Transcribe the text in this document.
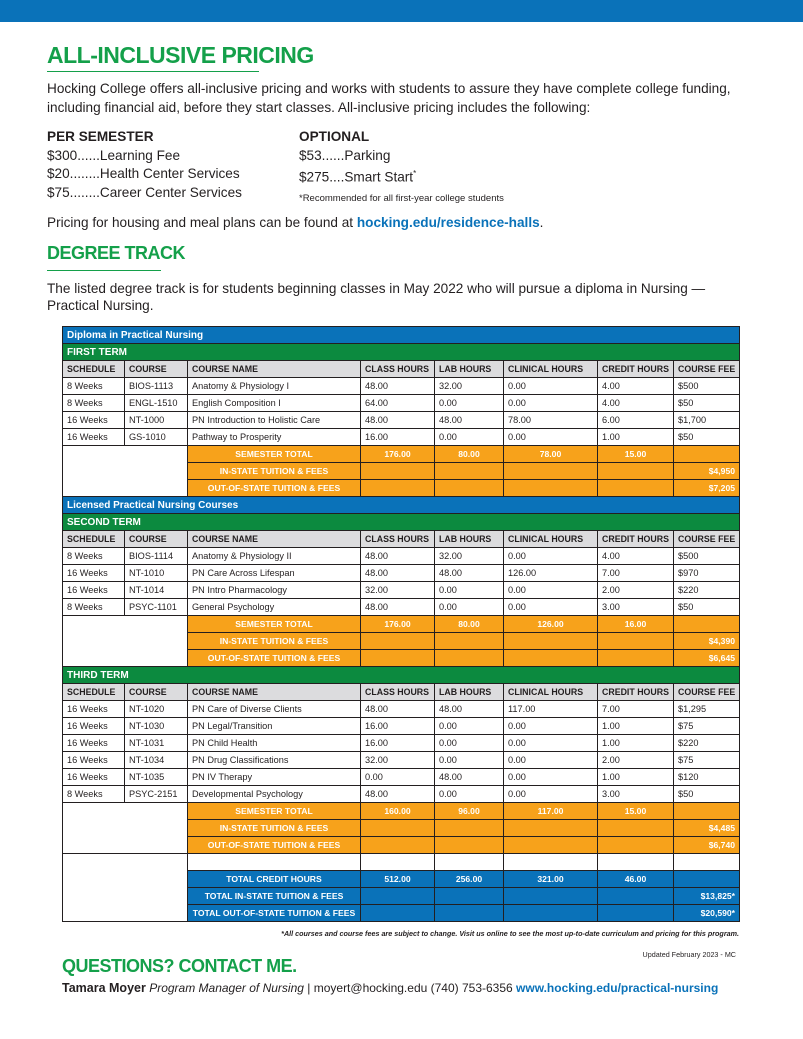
ALL-INCLUSIVE PRICING

Hocking College offers all-inclusive pricing and works with students to assure they have complete college funding, including financial aid, before they start classes. All-inclusive pricing includes the following:

PER SEMESTER
$300......Learning Fee
$20........Health Center Services
$75........Career Center Services
OPTIONAL
$53......Parking
$275....Smart Start*
*Recommended for all first-year college students

Pricing for housing and meal plans can be found at hocking.edu/residence-halls.

DEGREE TRACK

The listed degree track is for students beginning classes in May 2022 who will pursue a diploma in Nursing — Practical Nursing.

Diploma in Practical Nursing							
FIRST TERM							
SCHEDULE	COURSE	COURSE NAME	CLASS HOURS	LAB HOURS	CLINICAL HOURS	CREDIT HOURS	COURSE FEE
8 Weeks	BIOS-1113	Anatomy & Physiology I	48.00	32.00	0.00	4.00	$500
8 Weeks	ENGL-1510	English Composition I	64.00	0.00	0.00	4.00	$50
16 Weeks	NT-1000	PN Introduction to Holistic Care	48.00	48.00	78.00	6.00	$1,700
16 Weeks	GS-1010	Pathway to Prosperity	16.00	0.00	0.00	1.00	$50
		SEMESTER TOTAL	176.00	80.00	78.00	15.00	
		IN-STATE TUITION & FEES					$4,950
		OUT-OF-STATE TUITION & FEES					$7,205
Licensed Practical Nursing Courses							
SECOND TERM							
SCHEDULE	COURSE	COURSE NAME	CLASS HOURS	LAB HOURS	CLINICAL HOURS	CREDIT HOURS	COURSE FEE
8 Weeks	BIOS-1114	Anatomy & Physiology II	48.00	32.00	0.00	4.00	$500
16 Weeks	NT-1010	PN Care Across Lifespan	48.00	48.00	126.00	7.00	$970
16 Weeks	NT-1014	PN Intro Pharmacology	32.00	0.00	0.00	2.00	$220
8 Weeks	PSYC-1101	General Psychology	48.00	0.00	0.00	3.00	$50
		SEMESTER TOTAL	176.00	80.00	126.00	16.00	
		IN-STATE TUITION & FEES					$4,390
		OUT-OF-STATE TUITION & FEES					$6,645
THIRD TERM							
SCHEDULE	COURSE	COURSE NAME	CLASS HOURS	LAB HOURS	CLINICAL HOURS	CREDIT HOURS	COURSE FEE
16 Weeks	NT-1020	PN Care of Diverse Clients	48.00	48.00	117.00	7.00	$1,295
16 Weeks	NT-1030	PN Legal/Transition	16.00	0.00	0.00	1.00	$75
16 Weeks	NT-1031	PN Child Health	16.00	0.00	0.00	1.00	$220
16 Weeks	NT-1034	PN Drug Classifications	32.00	0.00	0.00	2.00	$75
16 Weeks	NT-1035	PN IV Therapy	0.00	48.00	0.00	1.00	$120
8 Weeks	PSYC-2151	Developmental Psychology	48.00	0.00	0.00	3.00	$50
		SEMESTER TOTAL	160.00	96.00	117.00	15.00	
		IN-STATE TUITION & FEES					$4,485
		OUT-OF-STATE TUITION & FEES					$6,740

		TOTAL CREDIT HOURS	512.00	256.00	321.00	46.00	
		TOTAL IN-STATE TUITION & FEES					$13,825*
		TOTAL OUT-OF-STATE TUITION & FEES					$20,590*

*All courses and course fees are subject to change. Visit us online to see the most up-to-date curriculum and pricing for this program.

Updated February 2023 - MC

QUESTIONS? CONTACT ME.

Tamara Moyer Program Manager of Nursing | moyert@hocking.edu (740) 753-6356 www.hocking.edu/practical-nursing
